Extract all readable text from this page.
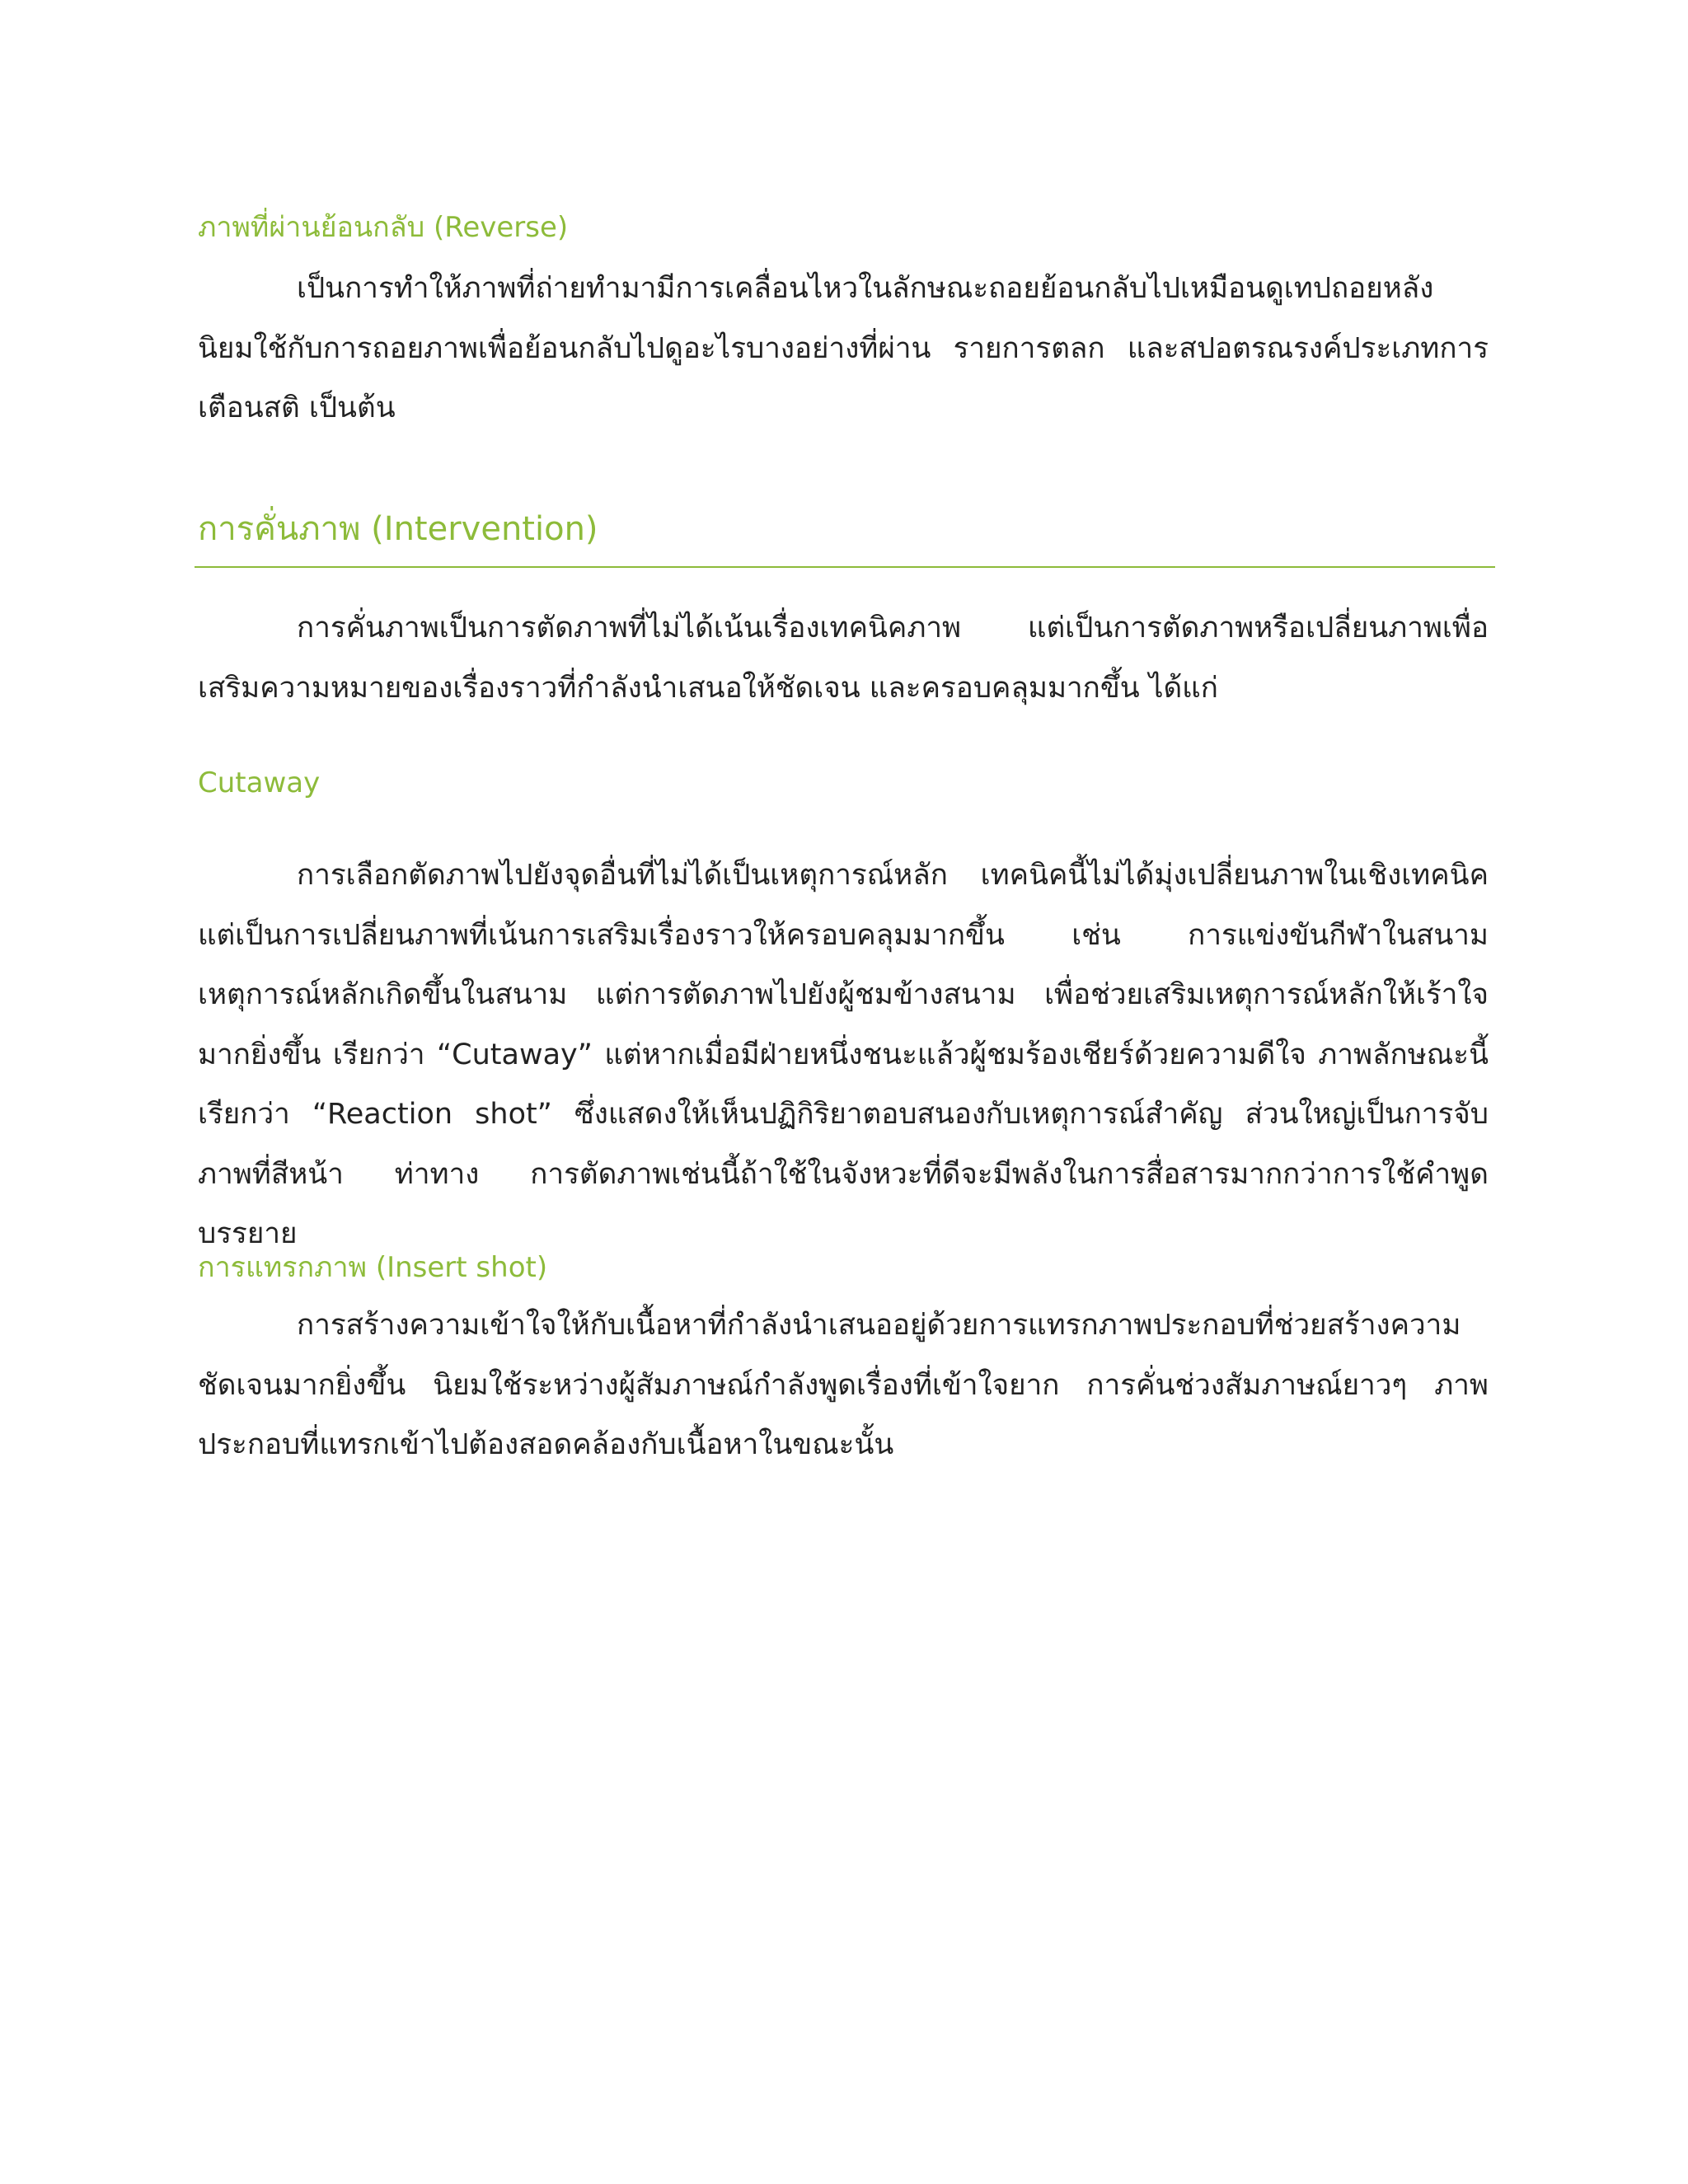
ภาพที่ผ่านย้อนกลับ (Reverse)

เป็นการทำให้ภาพที่ถ่ายทำมามีการเคลื่อนไหวในลักษณะถอยย้อนกลับไปเหมือนดูเทปถอยหลัง นิยมใช้กับการถอยภาพเพื่อย้อนกลับไปดูอะไรบางอย่างที่ผ่าน รายการตลก และสปอตรณรงค์ประเภทการเตือนสติ เป็นต้น

การคั่นภาพ (Intervention)

การคั่นภาพเป็นการตัดภาพที่ไม่ได้เน้นเรื่องเทคนิคภาพ แต่เป็นการตัดภาพหรือเปลี่ยนภาพเพื่อเสริมความหมายของเรื่องราวที่กำลังนำเสนอให้ชัดเจน และครอบคลุมมากขึ้น ได้แก่

Cutaway

การเลือกตัดภาพไปยังจุดอื่นที่ไม่ได้เป็นเหตุการณ์หลัก เทคนิคนี้ไม่ได้มุ่งเปลี่ยนภาพในเชิงเทคนิค แต่เป็นการเปลี่ยนภาพที่เน้นการเสริมเรื่องราวให้ครอบคลุมมากขึ้น เช่น การแข่งขันกีฬาในสนาม เหตุการณ์หลักเกิดขึ้นในสนาม แต่การตัดภาพไปยังผู้ชมข้างสนาม เพื่อช่วยเสริมเหตุการณ์หลักให้เร้าใจมากยิ่งขึ้น เรียกว่า “Cutaway” แต่หากเมื่อมีฝ่ายหนึ่งชนะแล้วผู้ชมร้องเชียร์ด้วยความดีใจ ภาพลักษณะนี้ เรียกว่า “Reaction shot” ซึ่งแสดงให้เห็นปฏิกิริยาตอบสนองกับเหตุการณ์สำคัญ ส่วนใหญ่เป็นการจับภาพที่สีหน้า ท่าทาง การตัดภาพเช่นนี้ถ้าใช้ในจังหวะที่ดีจะมีพลังในการสื่อสารมากกว่าการใช้คำพูดบรรยาย

การแทรกภาพ (Insert shot)

การสร้างความเข้าใจให้กับเนื้อหาที่กำลังนำเสนออยู่ด้วยการแทรกภาพประกอบที่ช่วยสร้างความชัดเจนมากยิ่งขึ้น นิยมใช้ระหว่างผู้สัมภาษณ์กำลังพูดเรื่องที่เข้าใจยาก การคั่นช่วงสัมภาษณ์ยาวๆ ภาพประกอบที่แทรกเข้าไปต้องสอดคล้องกับเนื้อหาในขณะนั้น
